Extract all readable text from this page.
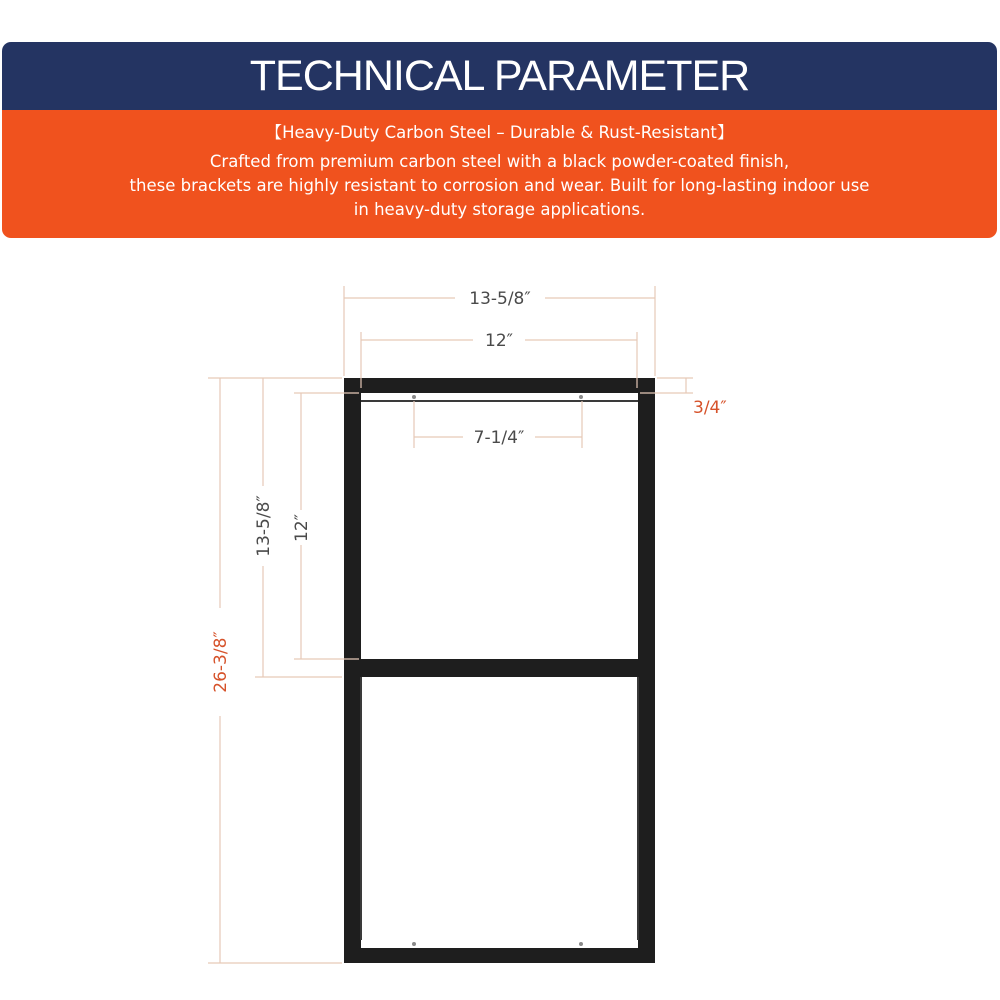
TECHNICAL PARAMETER
【Heavy-Duty Carbon Steel – Durable & Rust-Resistant】
Crafted from premium carbon steel with a black powder-coated finish,
these brackets are highly resistant to corrosion and wear. Built for long-lasting indoor use
in heavy-duty storage applications.
13-5/8″
12″
3/4″
7-1/4″
26-3/8″
13-5/8″ 12″
